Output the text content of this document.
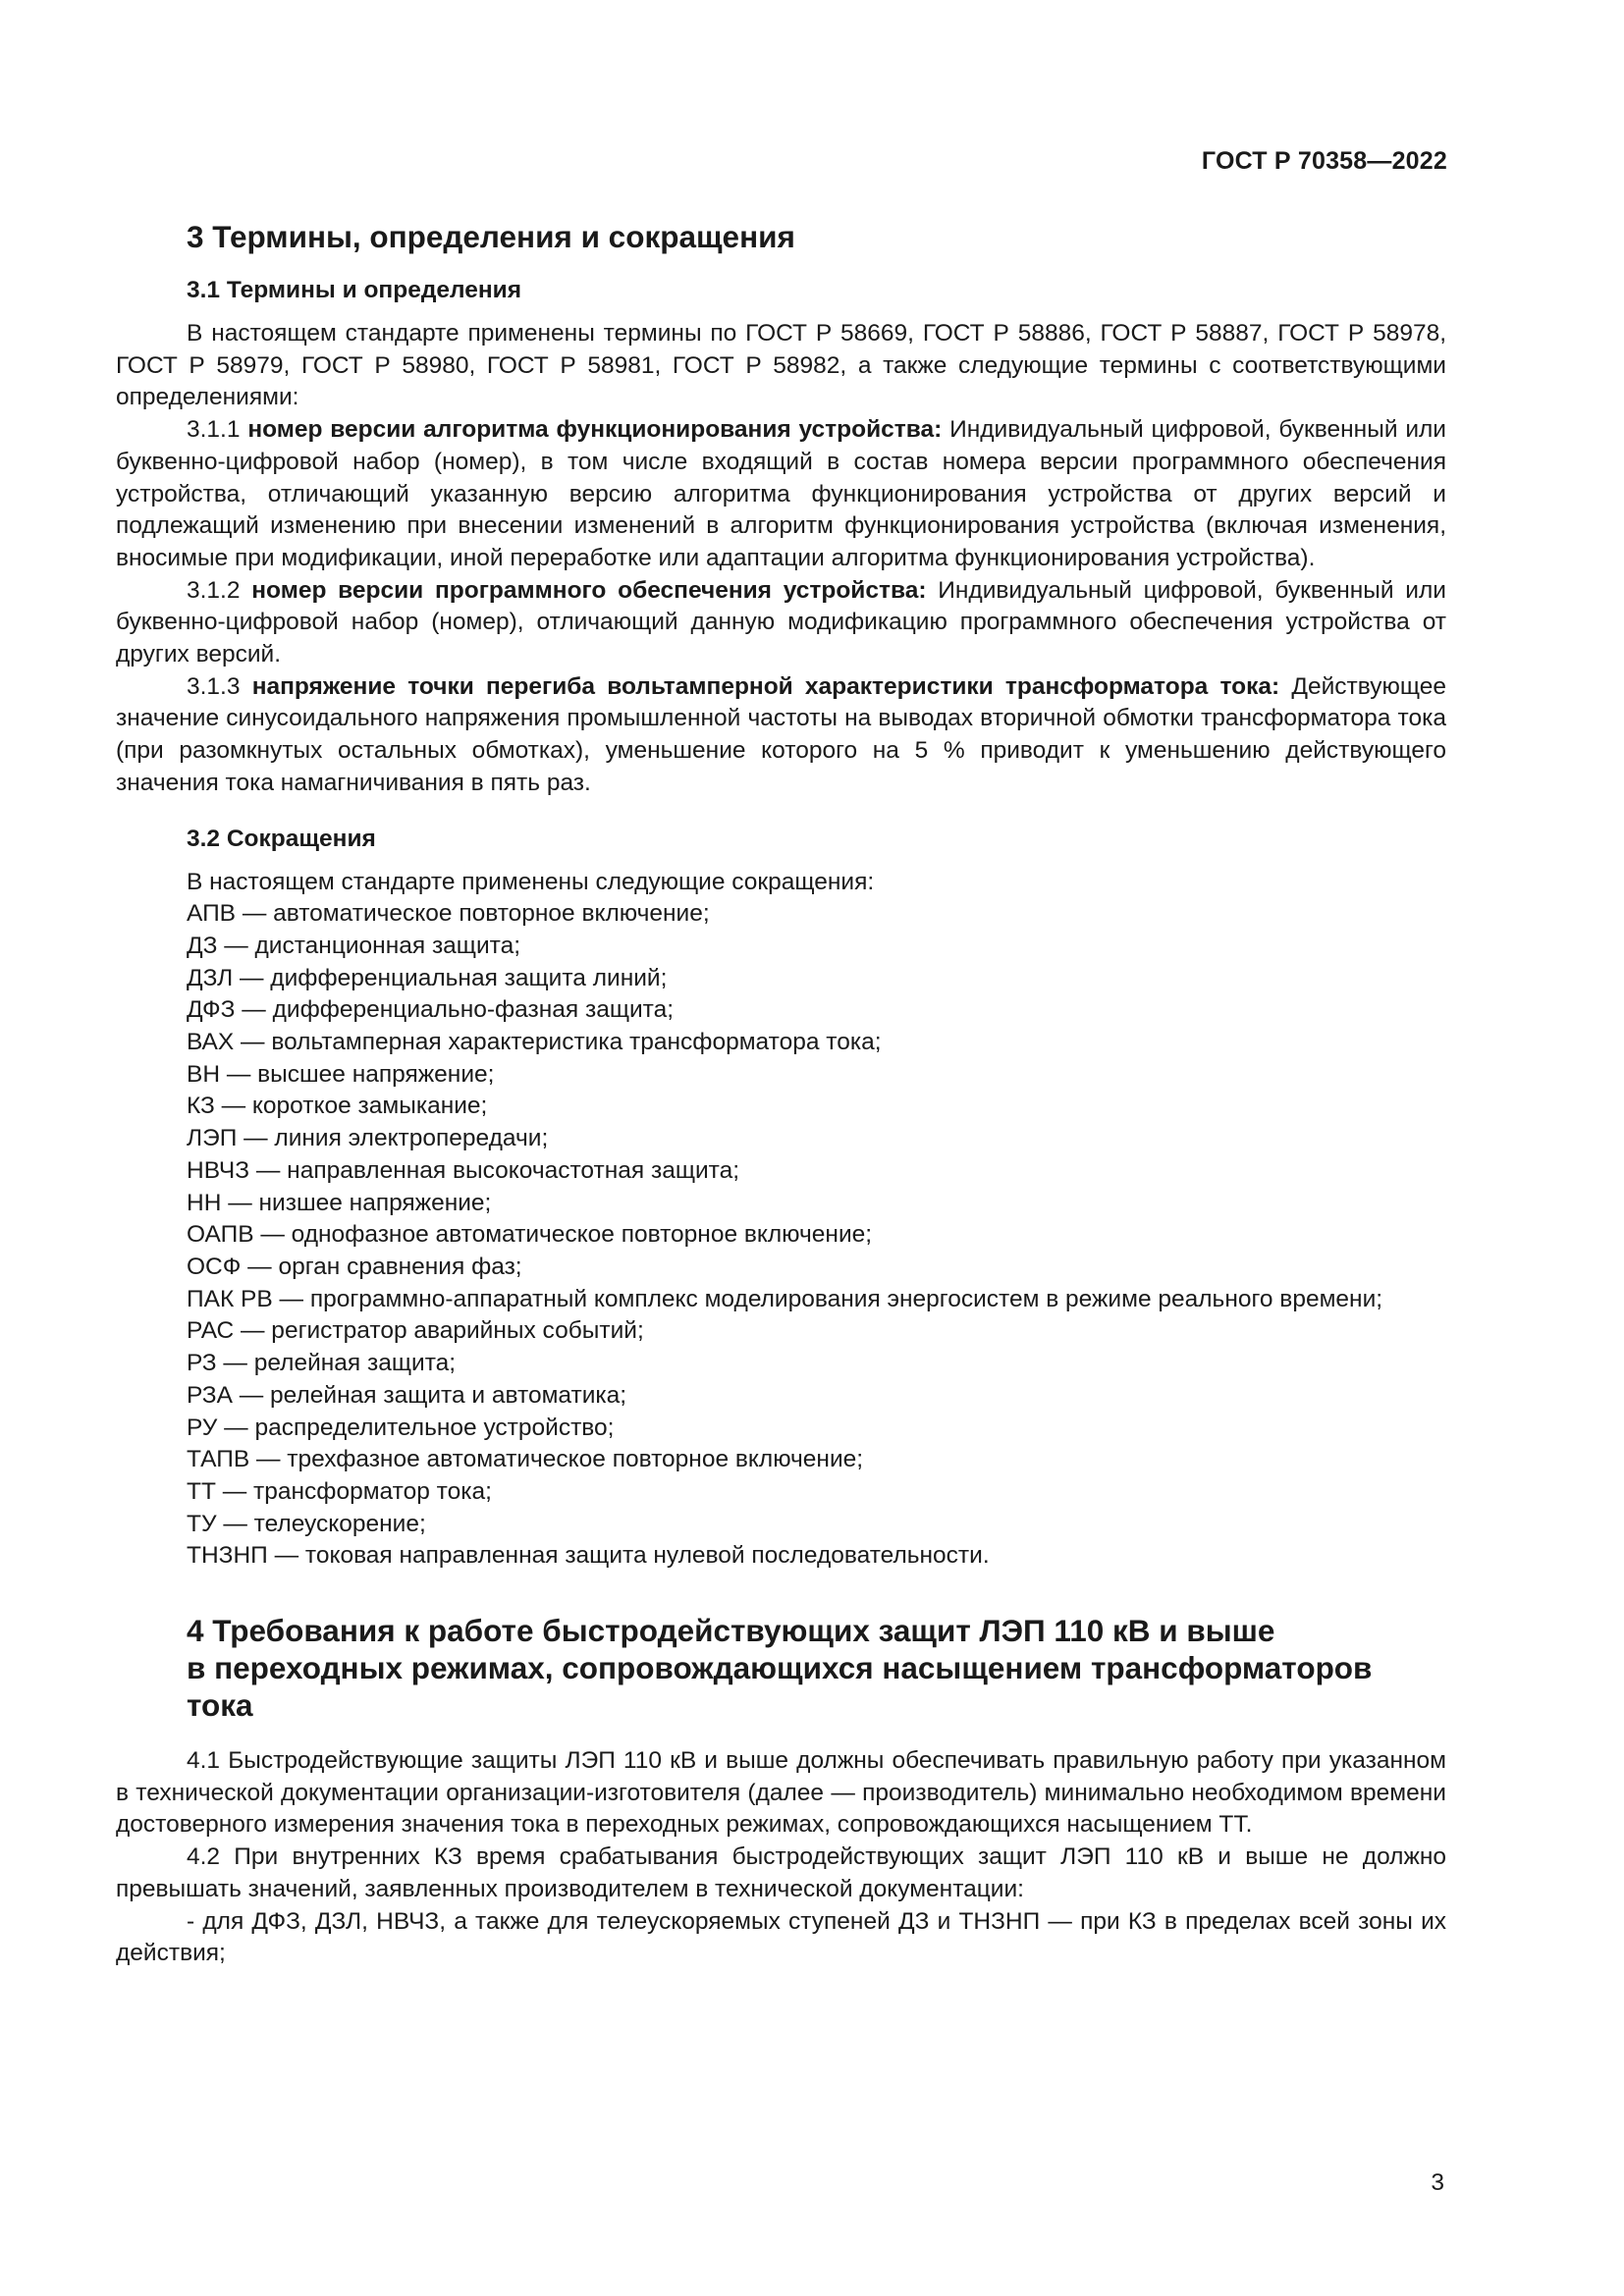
ГОСТ Р 70358—2022
3 Термины, определения и сокращения
3.1 Термины и определения

В настоящем стандарте применены термины по ГОСТ Р 58669, ГОСТ Р 58886, ГОСТ Р 58887, ГОСТ Р 58978, ГОСТ Р 58979, ГОСТ Р 58980, ГОСТ Р 58981, ГОСТ Р 58982, а также следующие термины с соответствующими определениями:

3.1.1 номер версии алгоритма функционирования устройства: Индивидуальный цифровой, буквенный или буквенно-цифровой набор (номер), в том числе входящий в состав номера версии программного обеспечения устройства, отличающий указанную версию алгоритма функционирования устройства от других версий и подлежащий изменению при внесении изменений в алгоритм функционирования устройства (включая изменения, вносимые при модификации, иной переработке или адаптации алгоритма функционирования устройства).

3.1.2 номер версии программного обеспечения устройства: Индивидуальный цифровой, буквенный или буквенно-цифровой набор (номер), отличающий данную модификацию программного обеспечения устройства от других версий.

3.1.3 напряжение точки перегиба вольтамперной характеристики трансформатора тока: Действующее значение синусоидального напряжения промышленной частоты на выводах вторичной обмотки трансформатора тока (при разомкнутых остальных обмотках), уменьшение которого на 5 % приводит к уменьшению действующего значения тока намагничивания в пять раз.

3.2 Сокращения

В настоящем стандарте применены следующие сокращения:

АПВ — автоматическое повторное включение;

ДЗ — дистанционная защита;

ДЗЛ — дифференциальная защита линий;

ДФЗ — дифференциально-фазная защита;

ВАХ — вольтамперная характеристика трансформатора тока;

ВН — высшее напряжение;

КЗ — короткое замыкание;

ЛЭП — линия электропередачи;

НВЧЗ — направленная высокочастотная защита;

НН — низшее напряжение;

ОАПВ — однофазное автоматическое повторное включение;

ОСФ — орган сравнения фаз;

ПАК РВ — программно-аппаратный комплекс моделирования энергосистем в режиме реального времени;

РАС — регистратор аварийных событий;

РЗ — релейная защита;

РЗА — релейная защита и автоматика;

РУ — распределительное устройство;

ТАПВ — трехфазное автоматическое повторное включение;

ТТ — трансформатор тока;

ТУ — телеускорение;

ТНЗНП — токовая направленная защита нулевой последовательности.

4 Требования к работе быстродействующих защит ЛЭП 110 кВ и выше
в переходных режимах, сопровождающихся насыщением трансформаторов тока

4.1 Быстродействующие защиты ЛЭП 110 кВ и выше должны обеспечивать правильную работу при указанном в технической документации организации-изготовителя (далее — производитель) минимально необходимом времени достоверного измерения значения тока в переходных режимах, сопровождающихся насыщением ТТ.

4.2 При внутренних КЗ время срабатывания быстродействующих защит ЛЭП 110 кВ и выше не должно превышать значений, заявленных производителем в технической документации:

- для ДФЗ, ДЗЛ, НВЧЗ, а также для телеускоряемых ступеней ДЗ и ТНЗНП — при КЗ в пределах всей зоны их действия;

3
